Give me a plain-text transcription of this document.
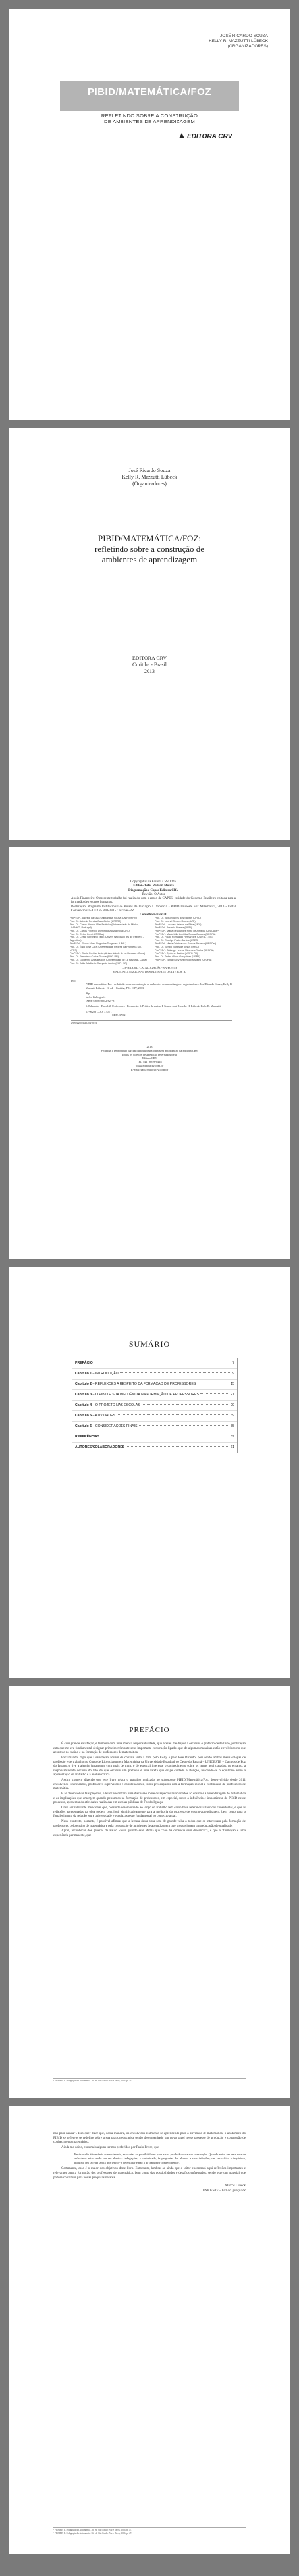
JOSÉ RICARDO SOUZA
KELLY R. MAZZUTTI LÜBECK
(ORGANIZADORES)
PIBID/MATEMÁTICA/FOZ
REFLETINDO SOBRE A CONSTRUÇÃO
DE AMBIENTES DE APRENDIZAGEM
EDITORA CRV
José Ricardo Souza
Kelly R. Mazzutti Lübeck
(Organizadores)
PIBID/MATEMÁTICA/FOZ:
refletindo sobre a construção de
ambientes de aprendizagem
EDITORA CRV
Curitiba - Brasil
2013
Copyright © da Editora CRV Ltda.
Editor-chefe: Railson Moura
Diagramação e Capa: Editora CRV
Revisão: O Autor
Apoio Financeiro: O presente trabalho foi realizado com o apoio da CAPES, entidade do Governo Brasileiro voltada para a formação de recursos humanos.
Realização: Programa Institucional de Bolsas de Iniciação à Docência - PIBID Unioeste Foz Matemática, 2013 - Edital Convencional - CEP 85.870-330 - Cascavel-PR
Conselho Editorial:
Profª. Drª. Andréia da Silva Quintanilha Sousa (UNIR/UFRN)
Prof. Dr. Antônio Pereira Gaio Júnior (UFRRJ)
Prof. Dr. Carlos Alberto Vilar Estêvão (Universidade do Minho, UMINHO, Portugal)
Prof. Dr. Carlos Federico Dominguez Avila (UNIEURO)
Prof. Dr. Celso Conti (UFSCar)
Prof. Dr. Cesar Gerónimo Tello (Univer. Nacional Três de Febrero - Argentina)
Profª. Drª. Elione Maria Nogueira Diogenes (UFAL)
Prof. Dr. Élsio José Corá (Universidade Federal da Fronteira Sul, UFFS)
Profª. Drª. Gloria Fariñas León (Universidade de La Havana - Cuba)
Prof. Dr. Francisco Carlos Duarte (PUC-PR)
Prof. Dr. Guillermo Arias Beatón (Universidade de La Havana - Cuba)
Prof. Dr. João Adalberto Campato Junior (FAP - SP)
Prof. Dr. Jailson Alves dos Santos (UFRJ)
Prof. Dr. Leonel Severo Rocha (URI)
Profª. Drª. Lourdes Helena da Silva (UFV)
Profª. Drª. Josania Portela (UFPI)
Profª. Drª. Maria de Lourdes Pinto de Almeida (UNICAMP)
Profª. Drª. Maria Lília Imbiriba Sousa Colares (UFOPA)
Prof. Dr. Paulo Romualdo Hernandes (UNIFAL - MG)
Prof. Dr. Rodrigo Pratte-Santos (UFES)
Profª. Drª. Maria Cristina dos Santos Bezerra (UFSCar)
Prof. Dr. Sérgio Nunes de Jesus (IFRO)
Profª. Drª. Solange Helena Ximenes-Rocha (UFOPA)
Profª. Drª. Sydione Santos (UEPG PR)
Prof. Dr. Tadeu Oliver Gonçalves (UFPA)
Profª. Drª. Tania Suely Azevedo Brasileiro (UFOPA)
CIP-BRASIL. CATALOGAÇÃO-NA-FONTE
SINDICATO NACIONAL DOS EDITORES DE LIVROS, RJ
P66
PIBID matemática: Foz : refletindo sobre a construção de ambientes de aprendizagem / organizadores: José Ricardo Souza, Kelly R. Mazzutti Lübeck. - 1. ed. - Curitiba, PR : CRV, 2013.
96p.
Inclui bibliografia
ISBN 978-85-8042-827-8
1. Educação - Brasil. 2. Professores - Formação. 3. Prática de ensino I. Souza, José Ricardo. II. Lübeck, Kelly R. Mazzutti.
13-06208 CDD: 370.71
CDU: 37.02
29/08/2013 29/08/2013
2013
Proibida a reprodução parcial ou total desta obra sem autorização da Editora CRV
Todos os direitos desta edição reservados pela:
Editora CRV
Tel.: (41) 3039-6418
www.editoracrv.com.br
E-mail: sac@editoracrv.com.br
SUMÁRIO
PREFÁCIO	7
Capítulo 1 – INTRODUÇÃO	9
Capítulo 2 – REFLEXÕES A RESPEITO DA FORMAÇÃO DE PROFESSORES	15
Capítulo 3 – O PIBID E SUA INFLUÊNCIA NA FORMAÇÃO DE PROFESSORES	21
Capítulo 4 – O PROJETO NAS ESCOLAS	29
Capítulo 5 – ATIVIDADES	39
Capítulo 6 – CONSIDERAÇÕES FINAIS	55
REFERÊNCIAS	59
AUTORES/COLABORADORES	61
PREFÁCIO

É com grande satisfação, e também com uma imensa responsabilidade, que aceitei me dispor a escrever o prefácio deste livro, publicação esta que me era fundamental designar primeiro relevante seus importante construção ligados que de algumas maneiras estão envolvidos no que acontece no ensino e na formação de professores de matemática.

Exclamando, digo que a satisfação advém do convite feito a mim pelo Kelly e pelo José Ricardo, pois sendo ambos meus colegas de profissão e de trabalho no Curso de Licenciatura em Matemática da Universidade Estadual do Oeste do Paraná – UNIOESTE – Campus de Foz do Iguaçu, e tive a alegria juntamente com mais de mim, é de especial interesse o conhecimento sobre os temas aqui tratados, no entanto, a responsabilidade decorre do fato de que escrever um prefácio é uma tarefa que exige cuidado e atenção, buscando-se o equilíbrio entre a apresentação do trabalho e a análise crítica.

Assim, comeco dizendo que este livro relata o trabalho realizado no subprojeto PIBID/Matemática/Foz, desenvolvido desde 2011 envolvendo licenciandos, professores supervisores e coordenadores, todos preocupados com a formação inicial e continuada de professores de matemática.

E ao desenvolver tais projetos, o leitor encontrará uma discussão sobre os aspectos relacionados ao ensino e à aprendizagem de matemática e as implicações que emergem quando pensamos na formação de professores, em especial, sobre a influência e importância do PIBID nesse processo, apresentando atividades realizadas em escolas públicas de Foz do Iguaçu.

Creio ser relevante mencionar que, o estudo desenvolvido ao longo do trabalho tem como base referenciais teóricos consistentes, e que as reflexões apresentadas na obra podem contribuir significativamente para a melhoria do processo de ensino-aprendizagem, bem como para o fortalecimento da relação entre universidade e escola, aspecto fundamental no contexto atual.

Neste contexto, portanto, é possível afirmar que a leitura desta obra será de grande valia a todos que se interessam pela formação de professores, pelo ensino de matemática e pela construção de ambientes de aprendizagem que proporcionem uma educação de qualidade.

Apraz, reconhecer dos gêneros de Paulo Freire quando este afirma que "não há docência sem discência"¹, e que a "formação é uma experiência permanente, que

¹ FREIRE, P. Pedagogia da Autonomia. 36. ed. São Paulo: Paz e Terra, 2006. p. 23.

não para nunca"². Isso quer dizer que, desta maneira, os envolvidos realmente se aprendendo para a atividade de matemática, o acadêmico do PIBID se reflete e se redefine sobre a sua prática educativa sendo desempenhado um novo papel nesse processo de produção e construção de conhecimento matemático.

Ainda me deixo, com mais alguns termos proferidos por Paulo Freire, que

Ensinar não é transferir conhecimento, mas criar as possibilidades para a sua produção ou a sua construção. Quando entro em uma sala de aula devo estar sendo um ser aberto a indagações, à curiosidade, às perguntas dos alunos, a suas inibições; um ser crítico e inquiridor, inquieto em face da tarefa que tenho - a de ensinar e não a de transferir conhecimento³.

Certamente, esse é o maior dos objetivos deste livro. Entretanto, lembrar-se ainda que o leitor encontrará aqui reflexões importantes e relevantes para a formação dos professores de matemática, bem como das possibilidades e desafios enfrentados, sendo este um material que poderá contribuir para novas pesquisas na área.

Marcos Lübeck

UNIOESTE – Foz do Iguaçu/PR

² FREIRE, P. Pedagogia da Autonomia. 36. ed. São Paulo: Paz e Terra, 2006. p. 47.
³ FREIRE, P. Pedagogia da Autonomia. 36. ed. São Paulo: Paz e Terra, 2006. p. 47.
